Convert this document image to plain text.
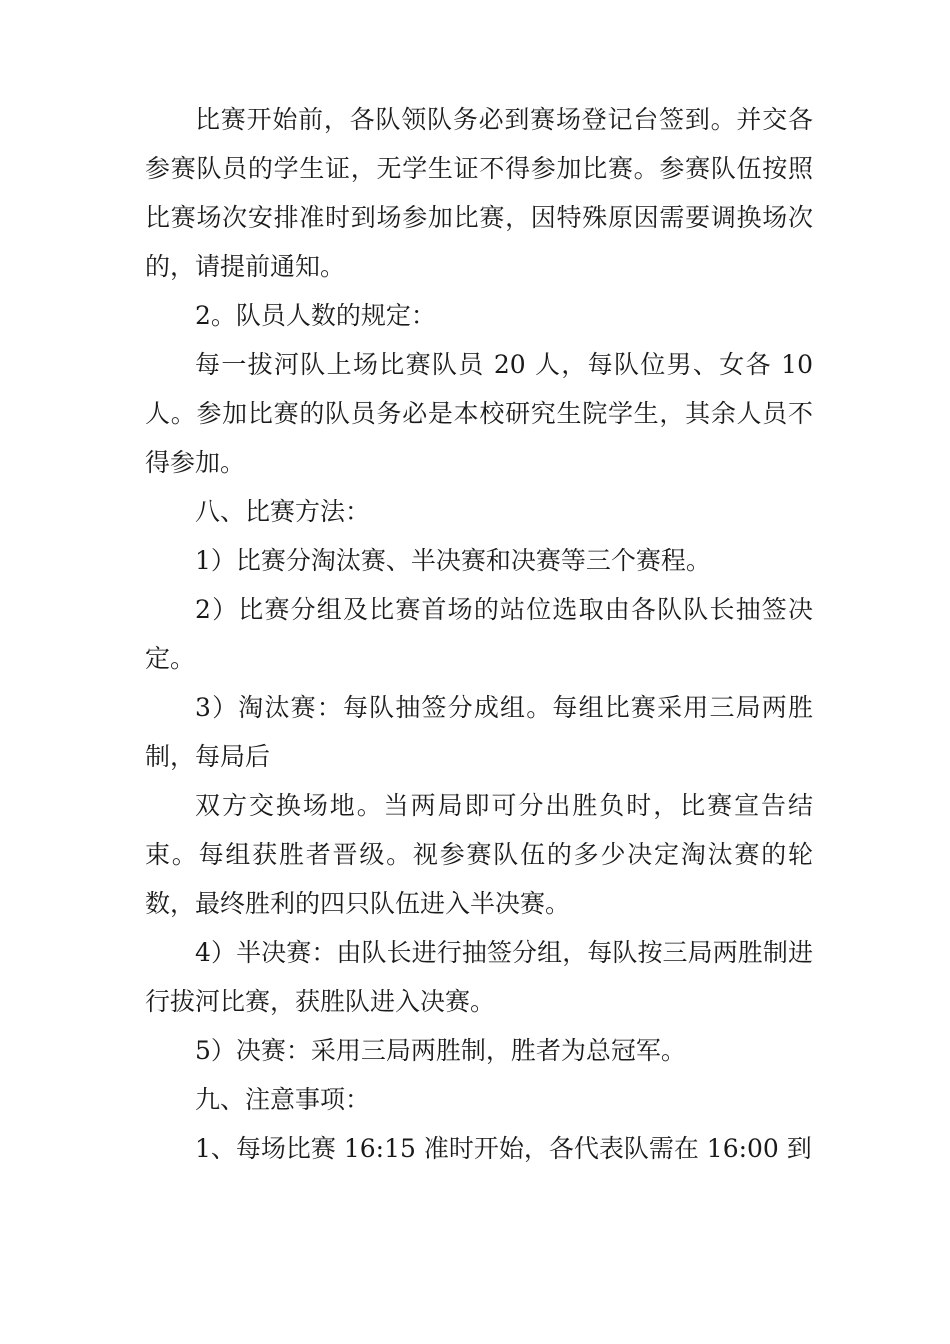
比赛开始前，各队领队务必到赛场登记台签到。并交各参赛队员的学生证，无学生证不得参加比赛。参赛队伍按照比赛场次安排准时到场参加比赛，因特殊原因需要调换场次的，请提前通知。

2。队员人数的规定：

每一拔河队上场比赛队员 20 人，每队位男、女各 10 人。参加比赛的队员务必是本校研究生院学生，其余人员不得参加。

八、比赛方法：

1）比赛分淘汰赛、半决赛和决赛等三个赛程。

2）比赛分组及比赛首场的站位选取由各队队长抽签决定。

3）淘汰赛：每队抽签分成组。每组比赛采用三局两胜制，每局后

双方交换场地。当两局即可分出胜负时，比赛宣告结束。每组获胜者晋级。视参赛队伍的多少决定淘汰赛的轮数，最终胜利的四只队伍进入半决赛。

4）半决赛：由队长进行抽签分组，每队按三局两胜制进行拔河比赛，获胜队进入决赛。

5）决赛：采用三局两胜制，胜者为总冠军。

九、注意事项：

1、每场比赛 16:15 准时开始，各代表队需在 16:00 到
